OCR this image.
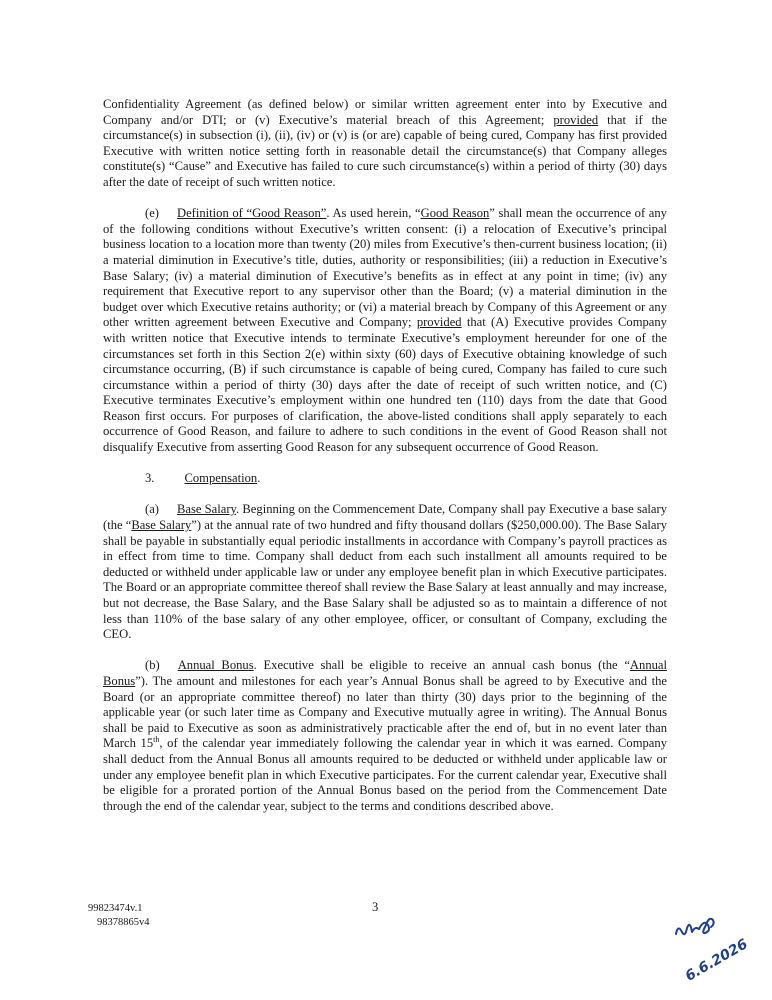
Confidentiality Agreement (as defined below) or similar written agreement enter into by Executive and Company and/or DTI; or (v) Executive’s material breach of this Agreement; provided that if the circumstance(s) in subsection (i), (ii), (iv) or (v) is (or are) capable of being cured, Company has first provided Executive with written notice setting forth in reasonable detail the circumstance(s) that Company alleges constitute(s) “Cause” and Executive has failed to cure such circumstance(s) within a period of thirty (30) days after the date of receipt of such written notice.

(e) Definition of “Good Reason”. As used herein, “Good Reason” shall mean the occurrence of any of the following conditions without Executive’s written consent: (i) a relocation of Executive’s principal business location to a location more than twenty (20) miles from Executive’s then-current business location; (ii) a material diminution in Executive’s title, duties, authority or responsibilities; (iii) a reduction in Executive’s Base Salary; (iv) a material diminution of Executive’s benefits as in effect at any point in time; (iv) any requirement that Executive report to any supervisor other than the Board; (v) a material diminution in the budget over which Executive retains authority; or (vi) a material breach by Company of this Agreement or any other written agreement between Executive and Company; provided that (A) Executive provides Company with written notice that Executive intends to terminate Executive’s employment hereunder for one of the circumstances set forth in this Section 2(e) within sixty (60) days of Executive obtaining knowledge of such circumstance occurring, (B) if such circumstance is capable of being cured, Company has failed to cure such circumstance within a period of thirty (30) days after the date of receipt of such written notice, and (C) Executive terminates Executive’s employment within one hundred ten (110) days from the date that Good Reason first occurs. For purposes of clarification, the above-listed conditions shall apply separately to each occurrence of Good Reason, and failure to adhere to such conditions in the event of Good Reason shall not disqualify Executive from asserting Good Reason for any subsequent occurrence of Good Reason.

3. Compensation.

(a) Base Salary. Beginning on the Commencement Date, Company shall pay Executive a base salary (the “Base Salary”) at the annual rate of two hundred and fifty thousand dollars ($250,000.00). The Base Salary shall be payable in substantially equal periodic installments in accordance with Company’s payroll practices as in effect from time to time. Company shall deduct from each such installment all amounts required to be deducted or withheld under applicable law or under any employee benefit plan in which Executive participates. The Board or an appropriate committee thereof shall review the Base Salary at least annually and may increase, but not decrease, the Base Salary, and the Base Salary shall be adjusted so as to maintain a difference of not less than 110% of the base salary of any other employee, officer, or consultant of Company, excluding the CEO.

(b) Annual Bonus. Executive shall be eligible to receive an annual cash bonus (the “Annual Bonus”). The amount and milestones for each year’s Annual Bonus shall be agreed to by Executive and the Board (or an appropriate committee thereof) no later than thirty (30) days prior to the beginning of the applicable year (or such later time as Company and Executive mutually agree in writing). The Annual Bonus shall be paid to Executive as soon as administratively practicable after the end of, but in no event later than March 15th, of the calendar year immediately following the calendar year in which it was earned. Company shall deduct from the Annual Bonus all amounts required to be deducted or withheld under applicable law or under any employee benefit plan in which Executive participates. For the current calendar year, Executive shall be eligible for a prorated portion of the Annual Bonus based on the period from the Commencement Date through the end of the calendar year, subject to the terms and conditions described above.

99823474v.1
98378865v4
3
6.6.2026
